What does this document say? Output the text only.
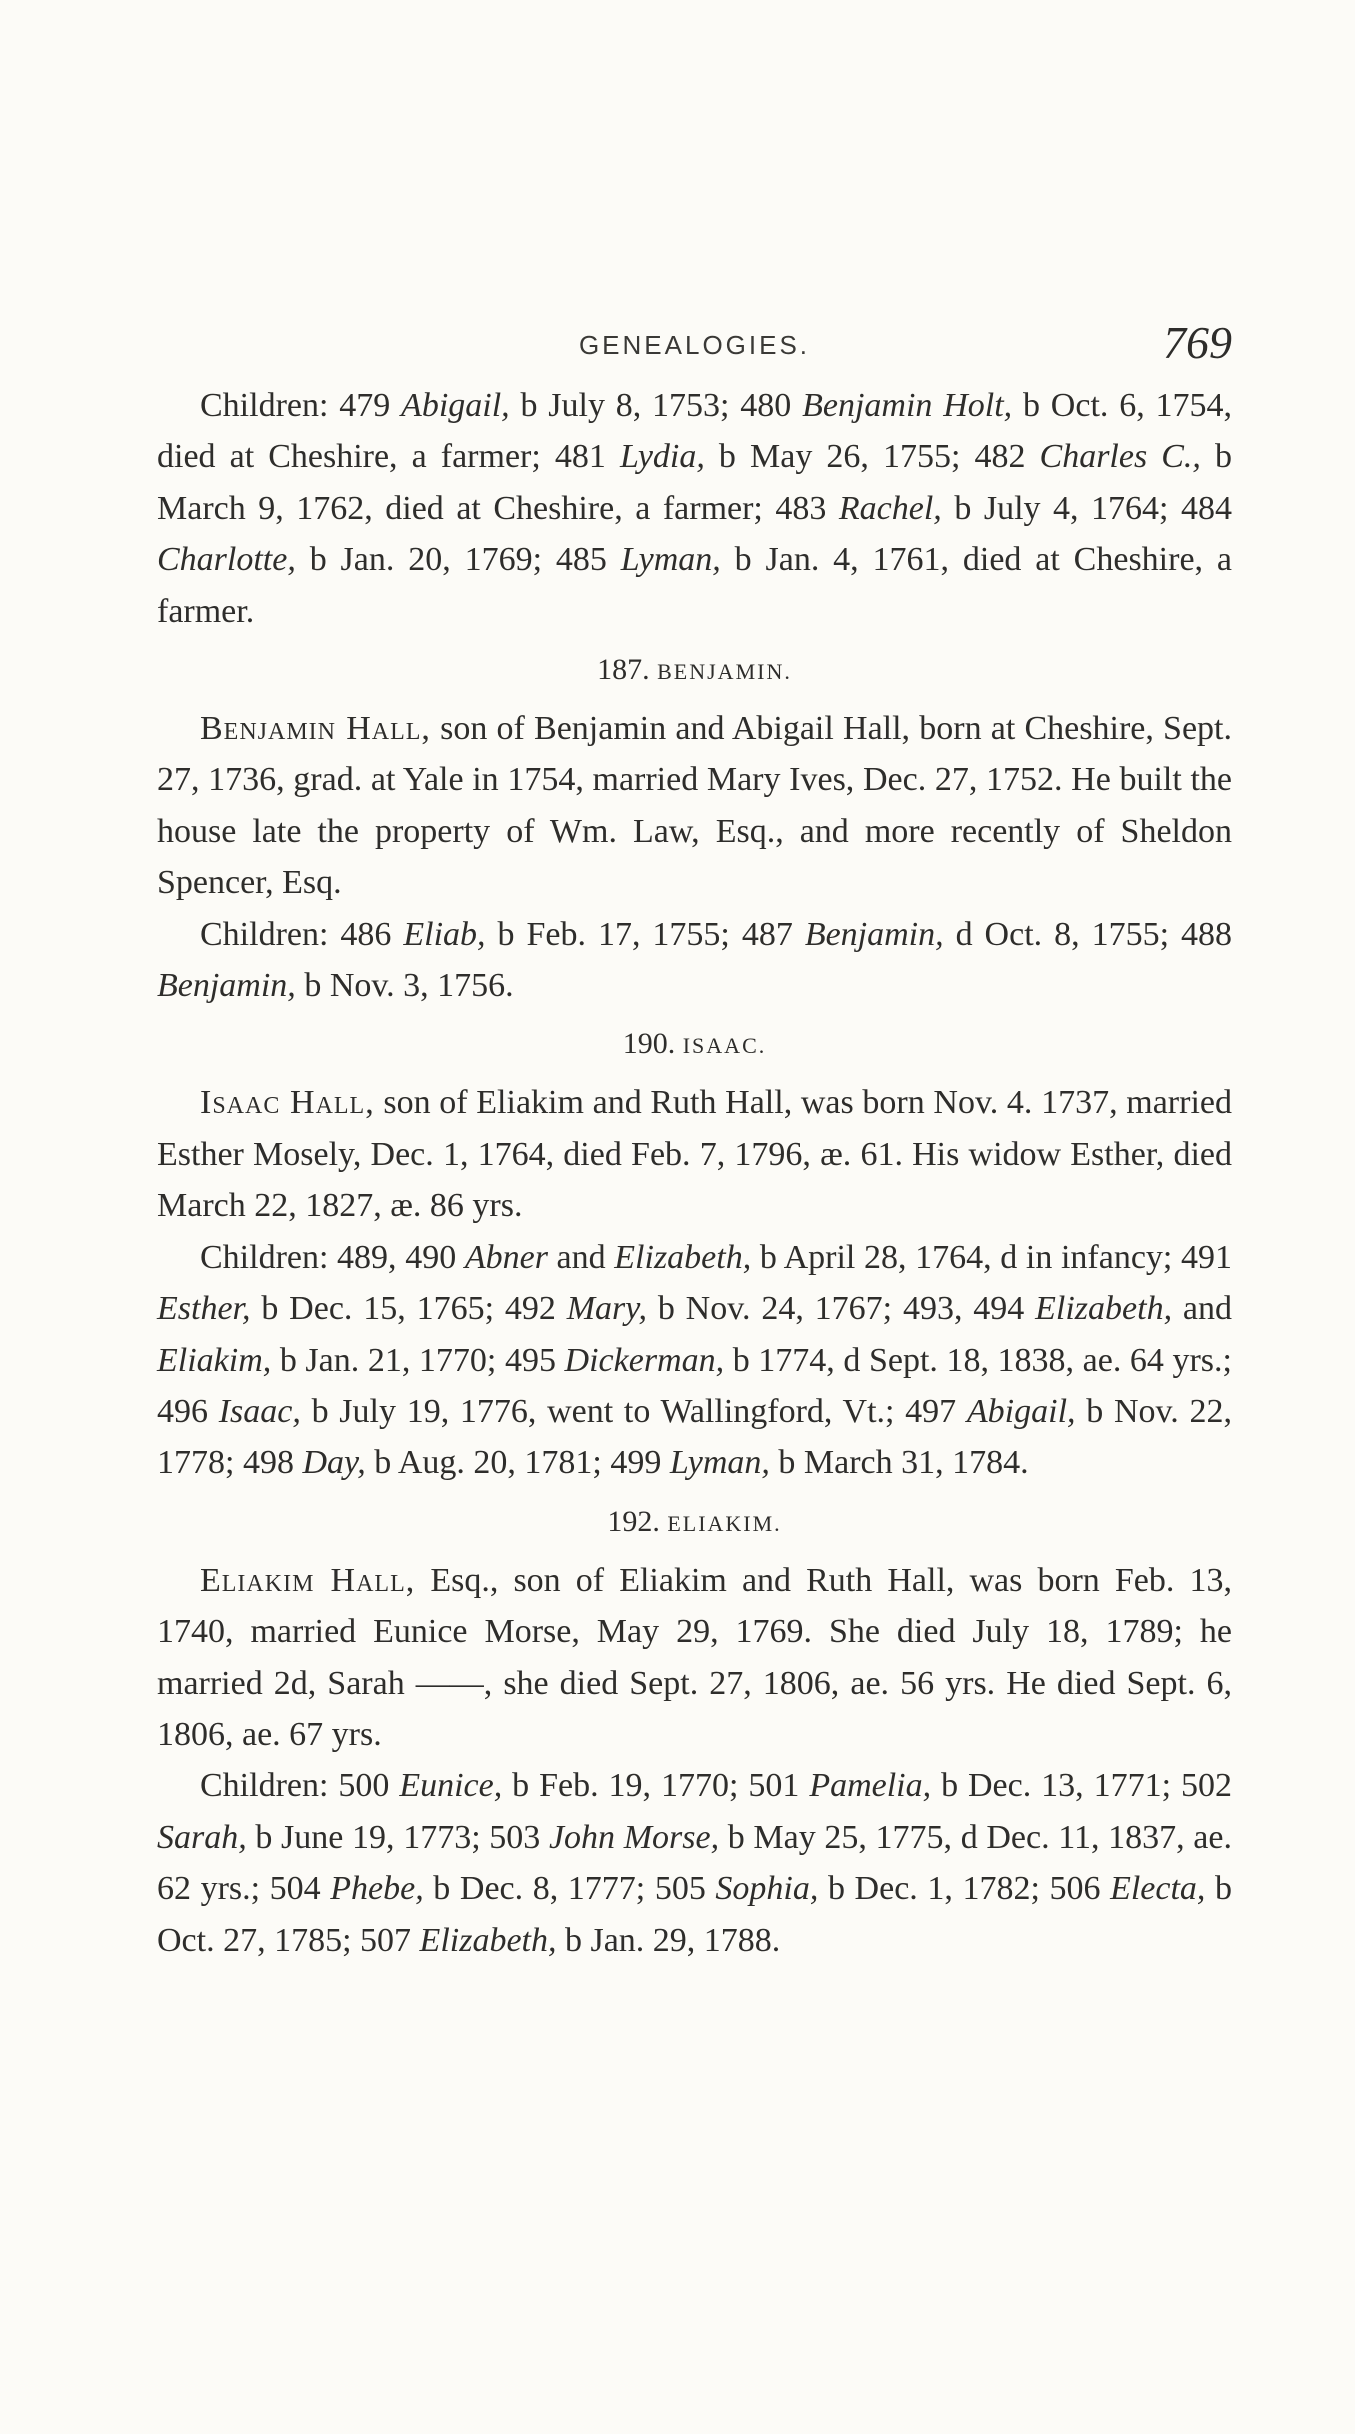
GENEALOGIES.	769

Children: 479 Abigail, b July 8, 1753; 480 Benjamin Holt, b Oct. 6, 1754, died at Cheshire, a farmer; 481 Lydia, b May 26, 1755; 482 Charles C., b March 9, 1762, died at Cheshire, a farmer; 483 Rachel, b July 4, 1764; 484 Charlotte, b Jan. 20, 1769; 485 Lyman, b Jan. 4, 1761, died at Cheshire, a farmer.

187. BENJAMIN.

Benjamin Hall, son of Benjamin and Abigail Hall, born at Cheshire, Sept. 27, 1736, grad. at Yale in 1754, married Mary Ives, Dec. 27, 1752. He built the house late the property of Wm. Law, Esq., and more recently of Sheldon Spencer, Esq.

Children: 486 Eliab, b Feb. 17, 1755; 487 Benjamin, d Oct. 8, 1755; 488 Benjamin, b Nov. 3, 1756.

190. ISAAC.

Isaac Hall, son of Eliakim and Ruth Hall, was born Nov. 4. 1737, married Esther Mosely, Dec. 1, 1764, died Feb. 7, 1796, æ. 61. His widow Esther, died March 22, 1827, æ. 86 yrs.

Children: 489, 490 Abner and Elizabeth, b April 28, 1764, d in infancy; 491 Esther, b Dec. 15, 1765; 492 Mary, b Nov. 24, 1767; 493, 494 Elizabeth, and Eliakim, b Jan. 21, 1770; 495 Dickerman, b 1774, d Sept. 18, 1838, ae. 64 yrs.; 496 Isaac, b July 19, 1776, went to Wallingford, Vt.; 497 Abigail, b Nov. 22, 1778; 498 Day, b Aug. 20, 1781; 499 Lyman, b March 31, 1784.

192. ELIAKIM.

Eliakim Hall, Esq., son of Eliakim and Ruth Hall, was born Feb. 13, 1740, married Eunice Morse, May 29, 1769. She died July 18, 1789; he married 2d, Sarah ——, she died Sept. 27, 1806, ae. 56 yrs. He died Sept. 6, 1806, ae. 67 yrs.

Children: 500 Eunice, b Feb. 19, 1770; 501 Pamelia, b Dec. 13, 1771; 502 Sarah, b June 19, 1773; 503 John Morse, b May 25, 1775, d Dec. 11, 1837, ae. 62 yrs.; 504 Phebe, b Dec. 8, 1777; 505 Sophia, b Dec. 1, 1782; 506 Electa, b Oct. 27, 1785; 507 Elizabeth, b Jan. 29, 1788.
